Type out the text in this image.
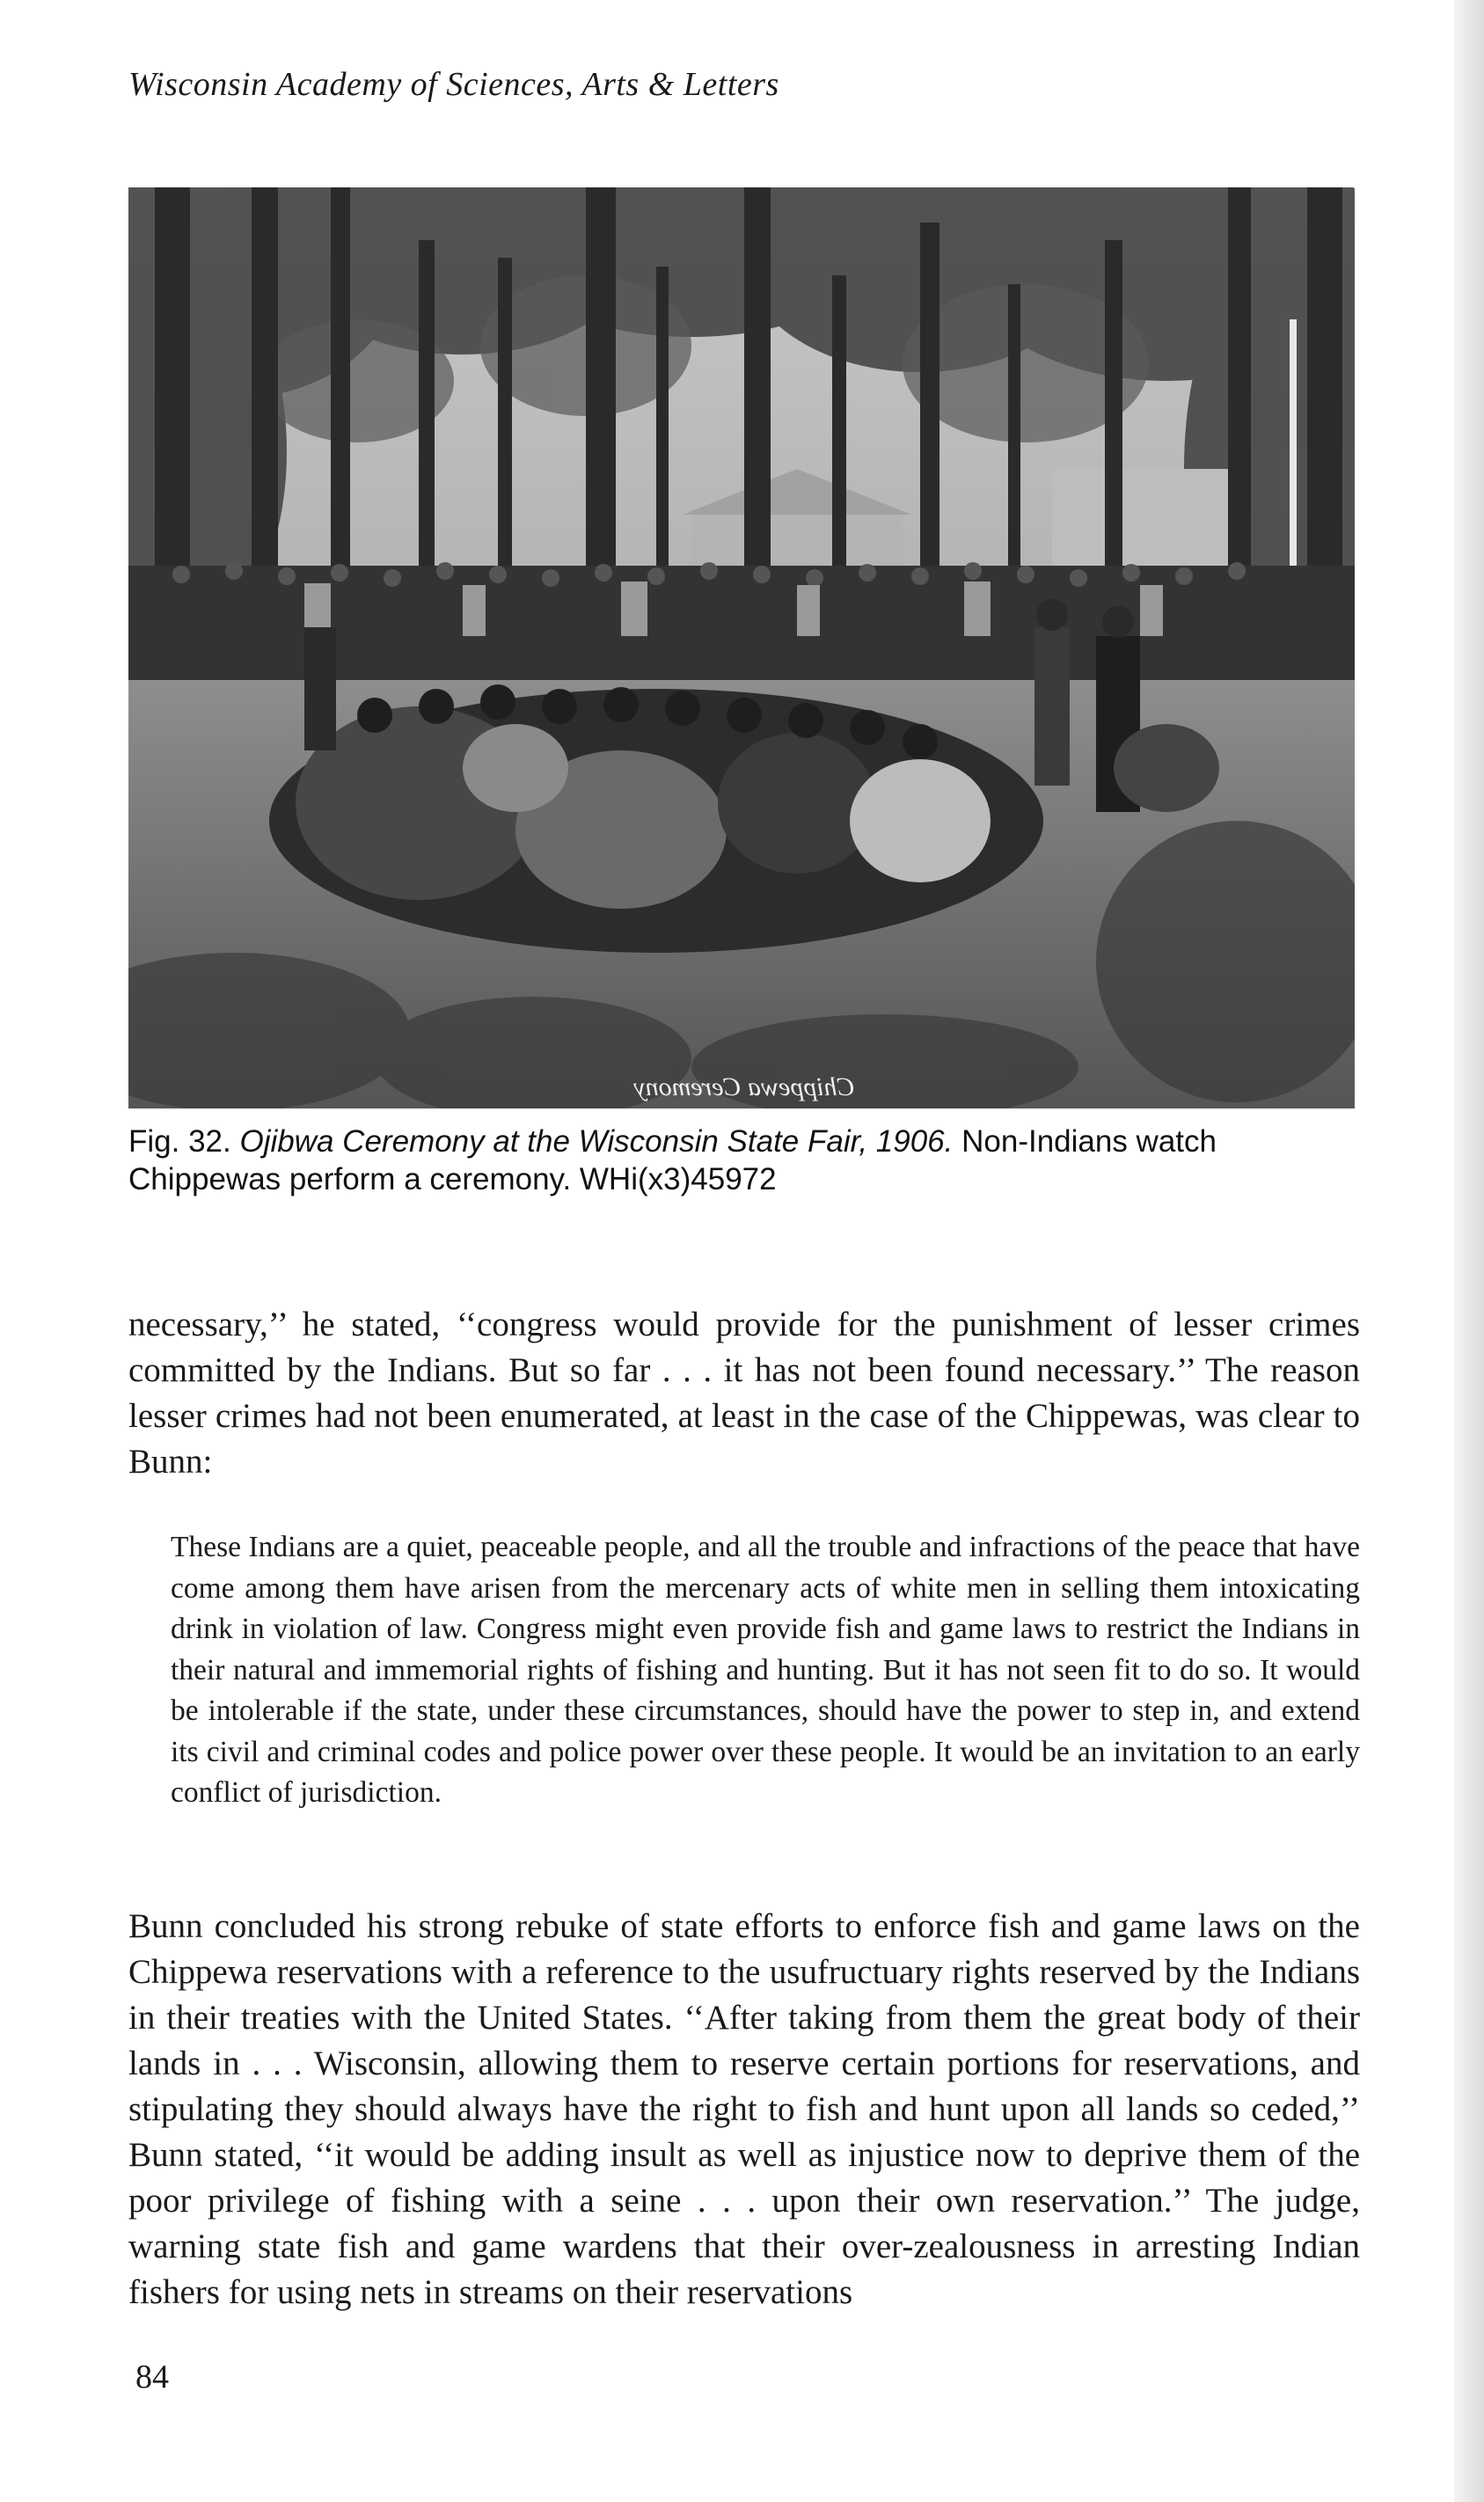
Wisconsin Academy of Sciences, Arts & Letters
Chippewa Ceremony
Fig. 32. Ojibwa Ceremony at the Wisconsin State Fair, 1906. Non-Indians watch Chippewas perform a ceremony. WHi(x3)45972

necessary,’’ he stated, ‘‘congress would provide for the punishment of lesser crimes committed by the Indians. But so far . . . it has not been found necessary.’’ The reason lesser crimes had not been enumerated, at least in the case of the Chippewas, was clear to Bunn:

These Indians are a quiet, peaceable people, and all the trouble and infractions of the peace that have come among them have arisen from the mercenary acts of white men in selling them intoxicating drink in violation of law. Congress might even provide fish and game laws to restrict the Indians in their natural and immemorial rights of fishing and hunting. But it has not seen fit to do so. It would be intolerable if the state, under these circumstances, should have the power to step in, and extend its civil and criminal codes and police power over these people. It would be an invitation to an early conflict of jurisdiction.

Bunn concluded his strong rebuke of state efforts to enforce fish and game laws on the Chippewa reservations with a reference to the usufructuary rights reserved by the Indians in their treaties with the United States. ‘‘After taking from them the great body of their lands in . . . Wisconsin, allowing them to reserve certain portions for reservations, and stipulating they should always have the right to fish and hunt upon all lands so ceded,’’ Bunn stated, ‘‘it would be adding insult as well as injustice now to deprive them of the poor privilege of fishing with a seine . . . upon their own reservation.’’ The judge, warning state fish and game wardens that their over-zealousness in arresting Indian fishers for using nets in streams on their reservations

84
